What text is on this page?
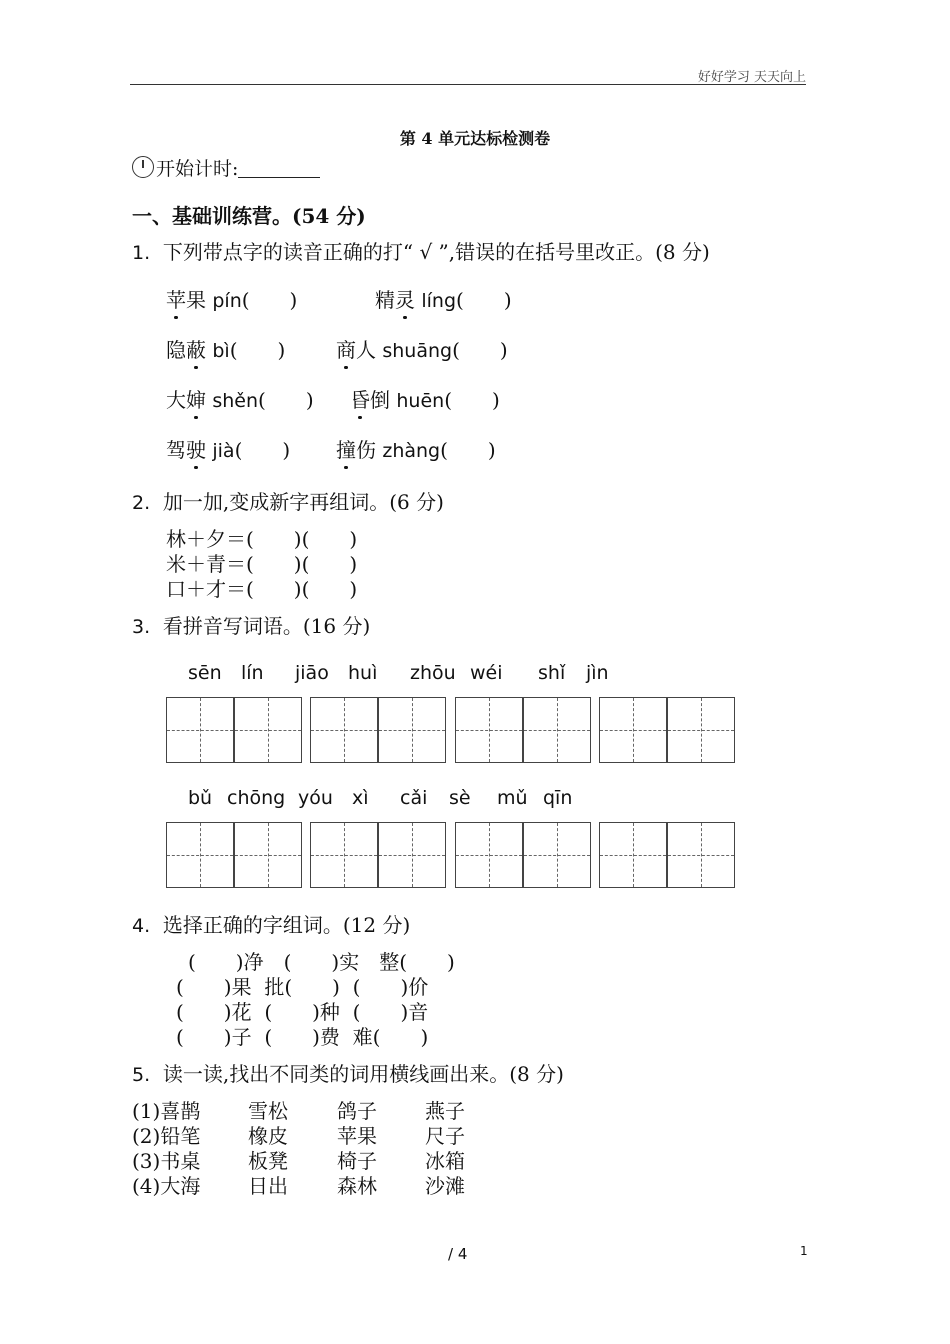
好好学习 天天向上
第 4 单元达标检测卷
开始计时:
一、基础训练营。(54 分)
1. 下列带点字的读音正确的打“ √ ”,错误的在括号里改正。(8 分)
苹果 pín(　　)	精灵 líng(　　)
隐蔽 bì(　　)	商人 shuāng(　　)
大婶 shěn(　　) 昏倒 huēn(　　)
驾驶 jià(　　) 撞伤 zhàng(　　)
2. 加一加,变成新字再组词。(6 分)
林＋夕＝(　　)(　　)
米＋青＝(　　)(　　)
口＋才＝(　　)(　　)
3. 看拼音写词语。(16 分)
sēn lín jiāo huì zhōu wéi shǐ jìn
bǔ chōng yóu xì cǎi sè mǔ qīn
4. 选择正确的字组词。(12 分)
(　　)净　(　　)实　整(　　)
(　　)果  批(　　)  (　　)价
(　　)花  (　　)种  (　　)音
(　　)子  (　　)费  难(　　)
5. 读一读,找出不同类的词用横线画出来。(8 分)
(1)喜鹊 雪松 鸽子 燕子
(2)铅笔 橡皮 苹果 尺子
(3)书桌 板凳 椅子 冰箱
(4)大海 日出 森林 沙滩
/ 4	1
